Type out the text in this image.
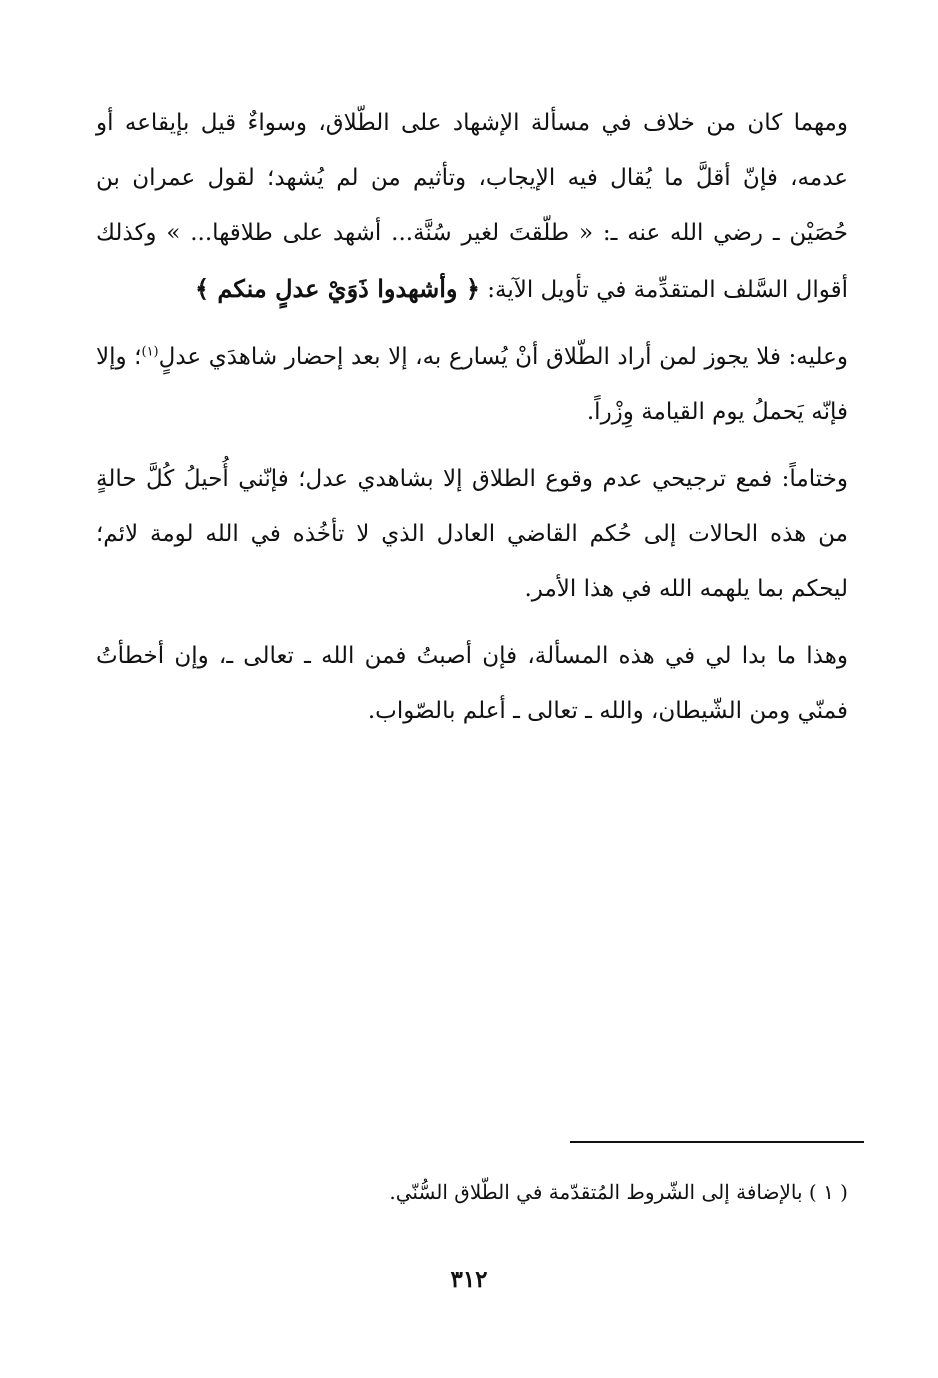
ومهما كان من خلاف في مسألة الإشهاد على الطّلاق، وسواءٌ قيل بإيقاعه أو عدمه، فإنّ أقلَّ ما يُقال فيه الإيجاب، وتأثيم من لم يُشهد؛ لقول عمران بن حُصَيْن ـ رضي الله عنه ـ: « طلّقتَ لغير سُنَّة... أشهد على طلاقها... » وكذلك أقوال السَّلف المتقدِّمة في تأويل الآية: ﴿ وأشهدوا ذَوَيْ عدلٍ منكم ﴾

وعليه: فلا يجوز لمن أراد الطّلاق أنْ يُسارع به، إلا بعد إحضار شاهدَي عدلٍ$^{(١)}$؛ وإلا فإنّه يَحملُ يوم القيامة وِزْراً.

وختاماً: فمع ترجيحي عدم وقوع الطلاق إلا بشاهدي عدل؛ فإنّني أُحيلُ كُلَّ حالةٍ من هذه الحالات إلى حُكم القاضي العادل الذي لا تأخُذه في الله لومة لائم؛ ليحكم بما يلهمه الله في هذا الأمر.

وهذا ما بدا لي في هذه المسألة، فإن أصبتُ فمن الله ـ تعالى ـ، وإن أخطأتُ فمنّي ومن الشّيطان، والله ـ تعالى ـ أعلم بالصّواب.

( ١ ) بالإضافة إلى الشّروط المُتقدّمة في الطّلاق السُّنّي.
٣١٢
